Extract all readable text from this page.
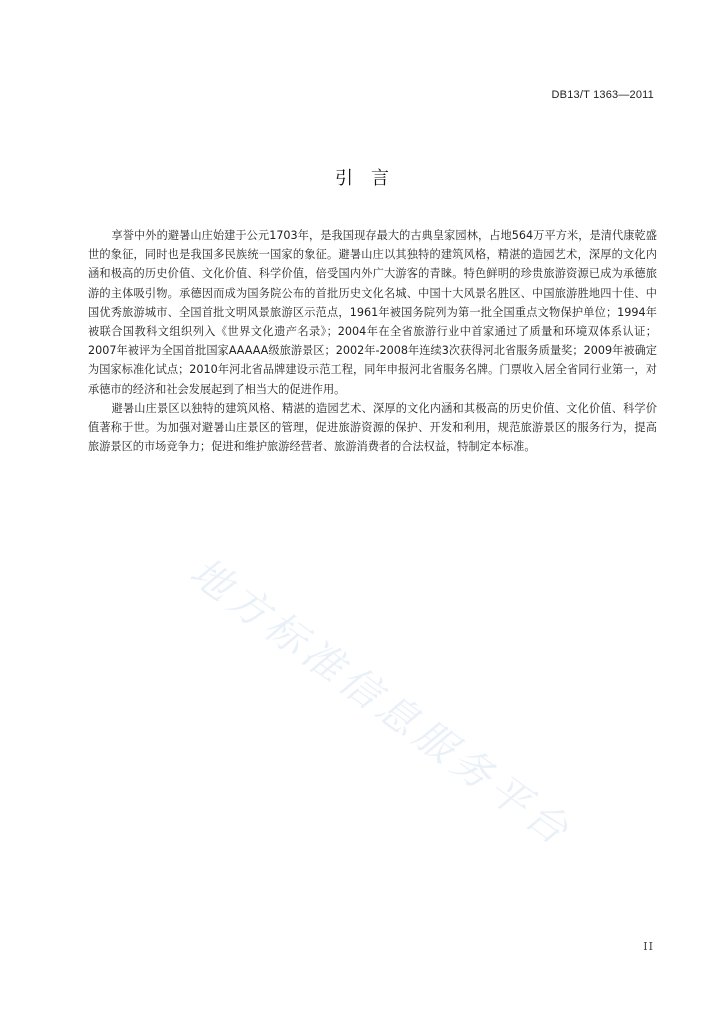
DB13/T 1363—2011
引言

享誉中外的避暑山庄始建于公元1703年，是我国现存最大的古典皇家园林，占地564万平方米，是清代康乾盛世的象征，同时也是我国多民族统一国家的象征。避暑山庄以其独特的建筑风格，精湛的造园艺术，深厚的文化内涵和极高的历史价值、文化价值、科学价值，倍受国内外广大游客的青睐。特色鲜明的珍贵旅游资源已成为承德旅游的主体吸引物。承德因而成为国务院公布的首批历史文化名城、中国十大风景名胜区、中国旅游胜地四十佳、中国优秀旅游城市、全国首批文明风景旅游区示范点，1961年被国务院列为第一批全国重点文物保护单位；1994年被联合国教科文组织列入《世界文化遗产名录》；2004年在全省旅游行业中首家通过了质量和环境双体系认证；2007年被评为全国首批国家AAAAA级旅游景区；2002年-2008年连续3次获得河北省服务质量奖；2009年被确定为国家标准化试点；2010年河北省品牌建设示范工程，同年申报河北省服务名牌。门票收入居全省同行业第一，对承德市的经济和社会发展起到了相当大的促进作用。

避暑山庄景区以独特的建筑风格、精湛的造园艺术、深厚的文化内涵和其极高的历史价值、文化价值、科学价值著称于世。为加强对避暑山庄景区的管理，促进旅游资源的保护、开发和利用，规范旅游景区的服务行为，提高旅游景区的市场竞争力；促进和维护旅游经营者、旅游消费者的合法权益，特制定本标准。

地方标准信息服务平台
II
